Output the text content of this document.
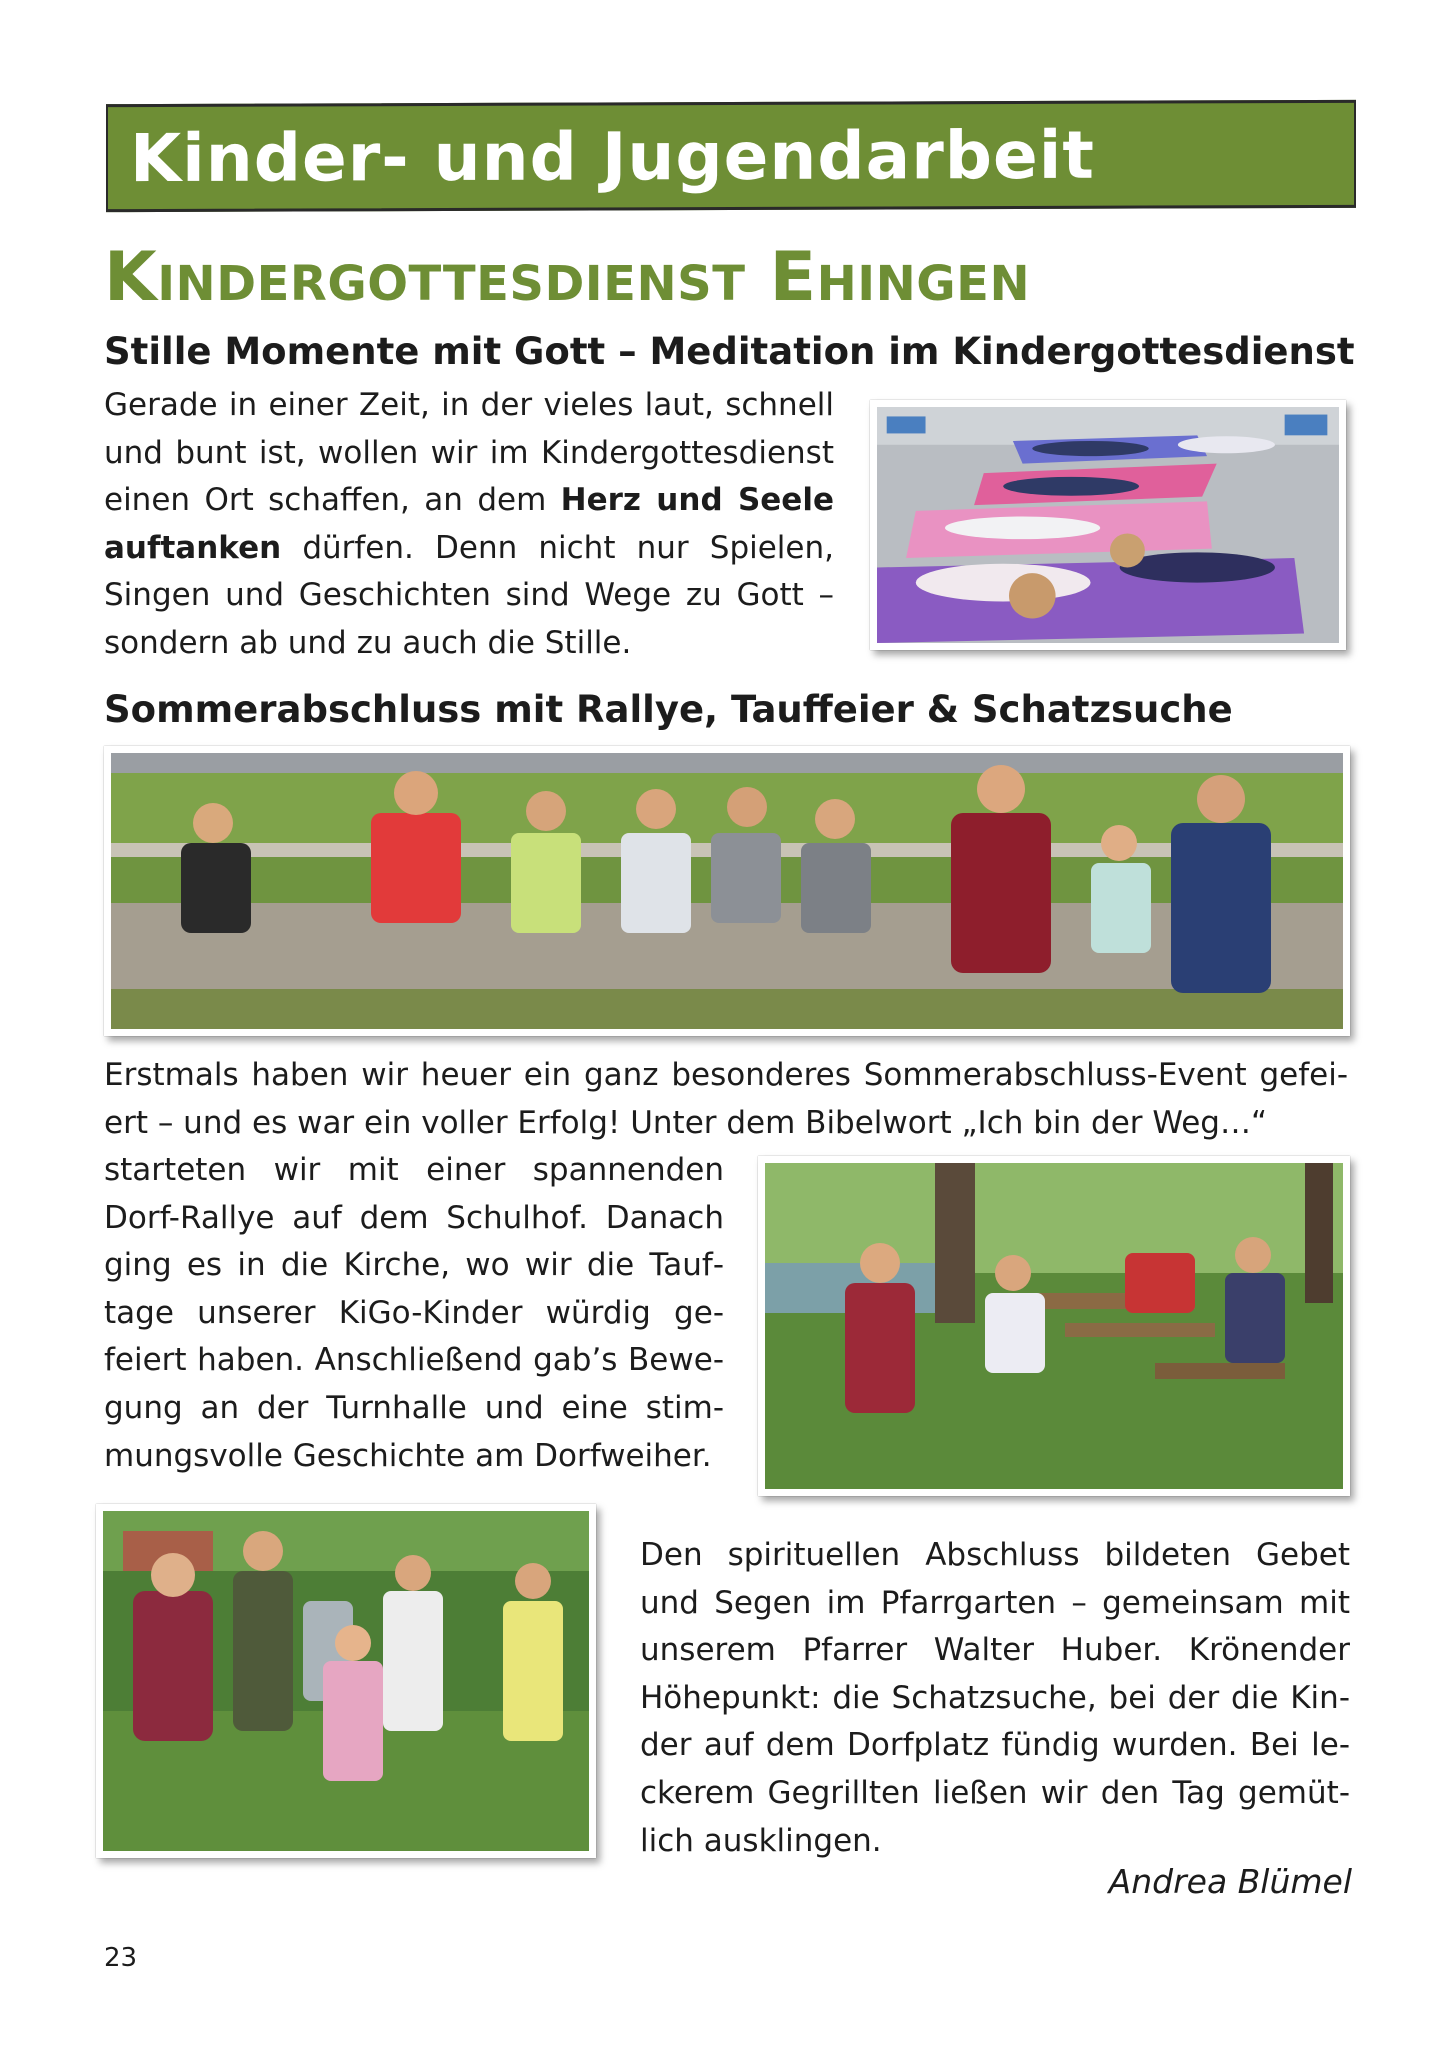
Kinder- und Jugendarbeit
Kindergottesdienst Ehingen
Stille Momente mit Gott – Meditation im Kindergottesdienst

Gerade in einer Zeit, in der vieles laut, schnell und bunt ist, wollen wir im Kindergottesdienst einen Ort schaffen, an dem Herz und Seele auftanken dürfen. Denn nicht nur Spielen, Singen und Geschichten sind Wege zu Gott – sondern ab und zu auch die Stille.

Sommerabschluss mit Rallye, Tauffeier & Schatzsuche

Erstmals haben wir heuer ein ganz besonderes Sommerabschluss-Event gefeiert – und es war ein voller Erfolg! Unter dem Bibelwort „Ich bin der Weg…“

starteten wir mit einer spannenden Dorf-Rallye auf dem Schulhof. Danach ging es in die Kirche, wo wir die Tauftage unserer KiGo-Kinder würdig gefeiert haben. Anschließend gab’s Bewegung an der Turnhalle und eine stimmungsvolle Geschichte am Dorfweiher.

Den spirituellen Abschluss bildeten Gebet und Segen im Pfarrgarten – gemeinsam mit unserem Pfarrer Walter Huber. Krönender Höhepunkt: die Schatzsuche, bei der die Kinder auf dem Dorfplatz fündig wurden. Bei leckerem Gegrillten ließen wir den Tag gemütlich ausklingen.

Andrea Blümel

23
